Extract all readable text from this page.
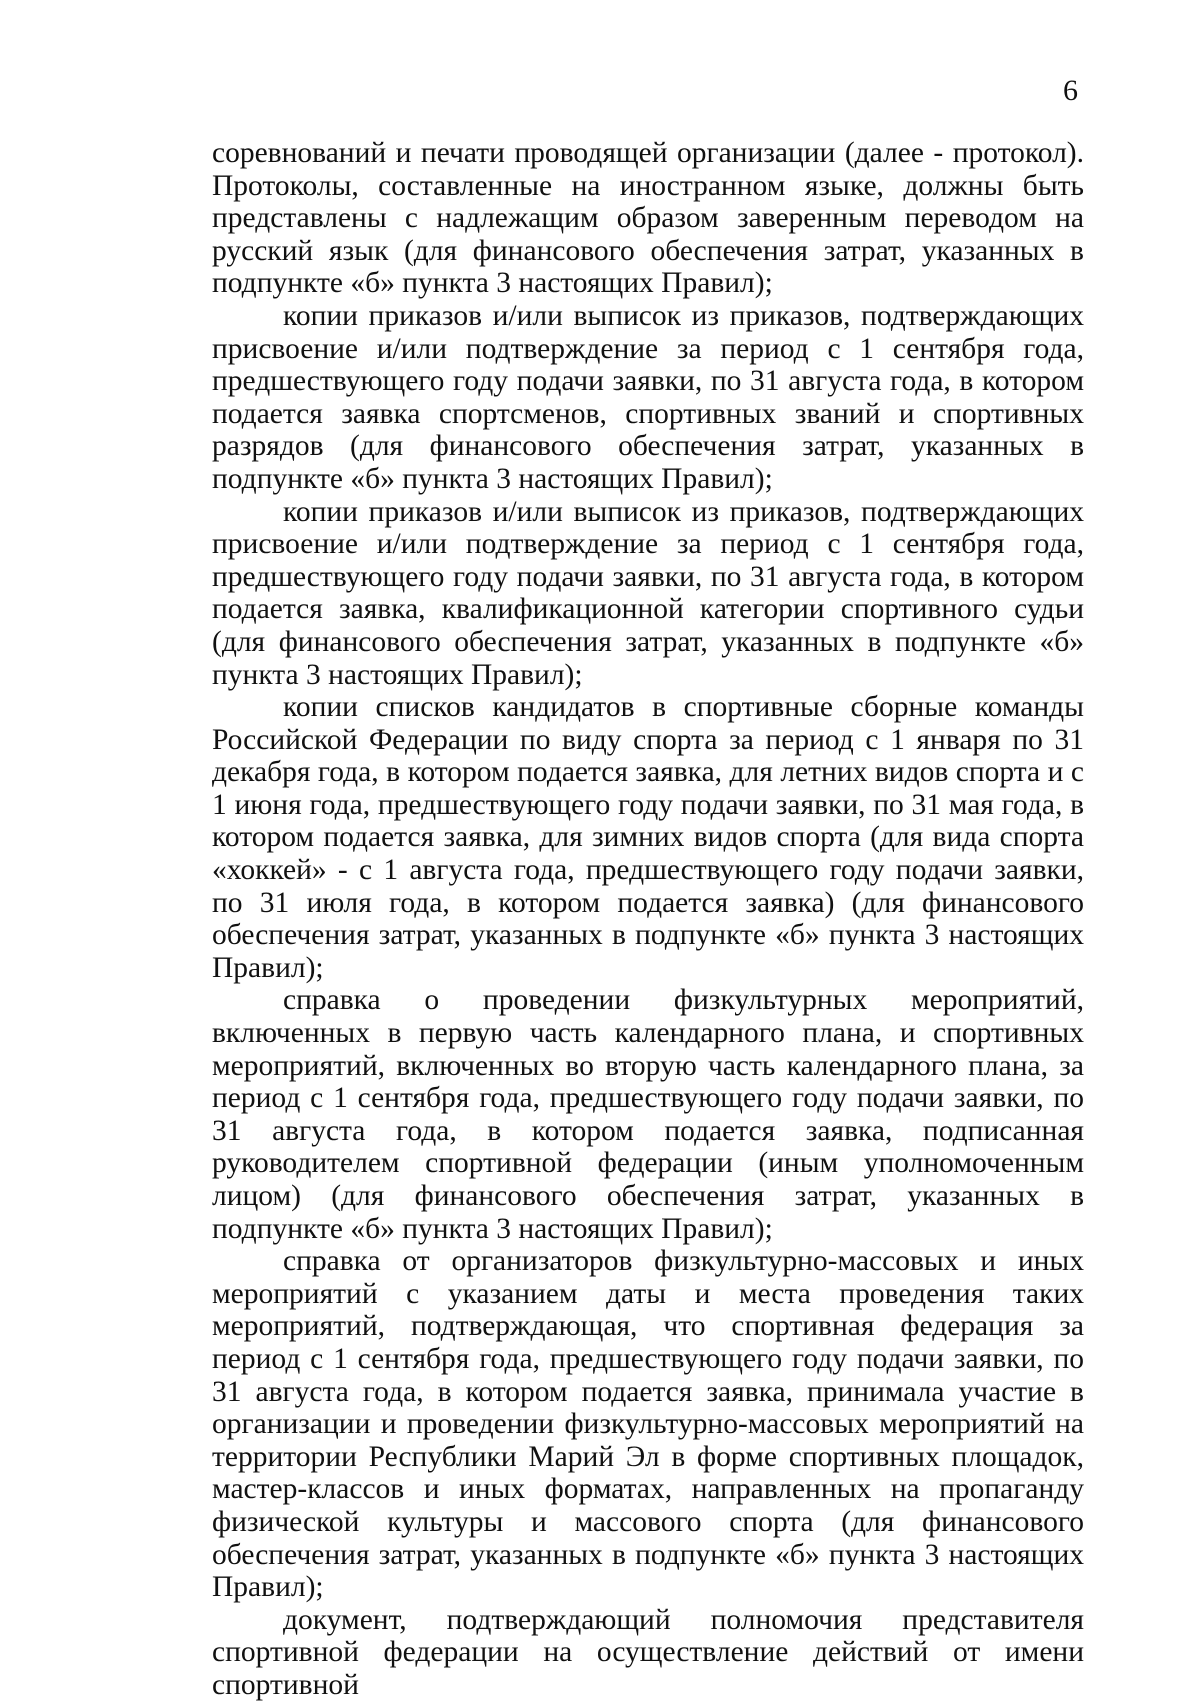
6

соревнований и печати проводящей организации (далее - протокол). Протоколы, составленные на иностранном языке, должны быть представлены с надлежащим образом заверенным переводом на русский язык (для финансового обеспечения затрат, указанных в подпункте «б» пункта 3 настоящих Правил);

копии приказов и/или выписок из приказов, подтверждающих присвоение и/или подтверждение за период с 1 сентября года, предшествующего году подачи заявки, по 31 августа года, в котором подается заявка спортсменов, спортивных званий и спортивных разрядов (для финансового обеспечения затрат, указанных в подпункте «б» пункта 3 настоящих Правил);

копии приказов и/или выписок из приказов, подтверждающих присвоение и/или подтверждение за период с 1 сентября года, предшествующего году подачи заявки, по 31 августа года, в котором подается заявка, квалификационной категории спортивного судьи (для финансового обеспечения затрат, указанных в подпункте «б» пункта 3 настоящих Правил);

копии списков кандидатов в спортивные сборные команды Российской Федерации по виду спорта за период с 1 января по 31 декабря года, в котором подается заявка, для летних видов спорта и с 1 июня года, предшествующего году подачи заявки, по 31 мая года, в котором подается заявка, для зимних видов спорта (для вида спорта «хоккей» - с 1 августа года, предшествующего году подачи заявки, по 31 июля года, в котором подается заявка) (для финансового обеспечения затрат, указанных в подпункте «б» пункта 3 настоящих Правил);

справка о проведении физкультурных мероприятий, включенных в первую часть календарного плана, и спортивных мероприятий, включенных во вторую часть календарного плана, за период с 1 сентября года, предшествующего году подачи заявки, по 31 августа года, в котором подается заявка, подписанная руководителем спортивной федерации (иным уполномоченным лицом) (для финансового обеспечения затрат, указанных в подпункте «б» пункта 3 настоящих Правил);

справка от организаторов физкультурно-массовых и иных мероприятий с указанием даты и места проведения таких мероприятий, подтверждающая, что спортивная федерация за период с 1 сентября года, предшествующего году подачи заявки, по 31 августа года, в котором подается заявка, принимала участие в организации и проведении физкультурно-массовых мероприятий на территории Республики Марий Эл в форме спортивных площадок, мастер-классов и иных форматах, направленных на пропаганду физической культуры и массового спорта (для финансового обеспечения затрат, указанных в подпункте «б» пункта 3 настоящих Правил);

документ, подтверждающий полномочия представителя спортивной федерации на осуществление действий от имени спортивной
